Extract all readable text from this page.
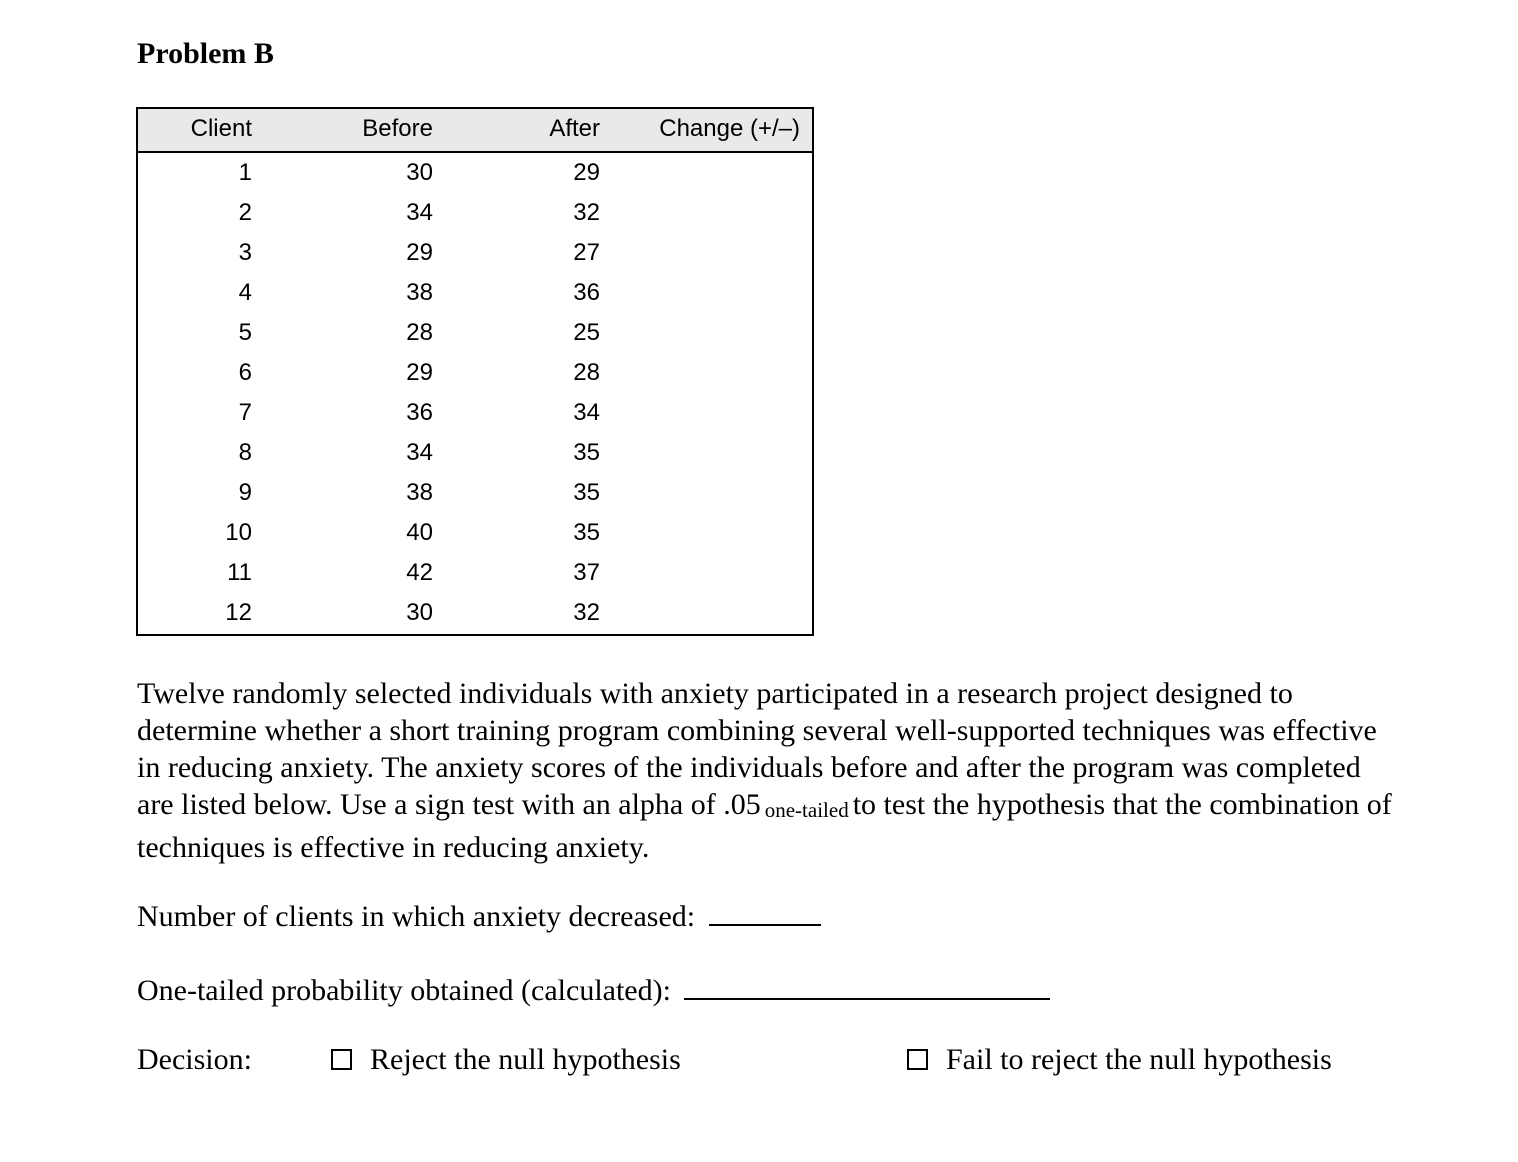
Problem B
Client	Before	After Change (+/–)
1	30	29
2	34	32
3	29	27
4	38	36
5	28	25
6	29	28
7	36	34
8	34	35
9	38	35
10	40	35
11	42	37
12	30	32

Twelve randomly selected individuals with anxiety participated in a research project designed to determine whether a short training program combining several well-supported techniques was effective in reducing anxiety. The anxiety scores of the individuals before and after the program was completed are listed below. Use a sign test with an alpha of .05 one-tailed to test the hypothesis that the combination of techniques is effective in reducing anxiety.

Number of clients in which anxiety decreased:
One-tailed probability obtained (calculated):
Decision:	Reject the null hypothesis	Fail to reject the null hypothesis
